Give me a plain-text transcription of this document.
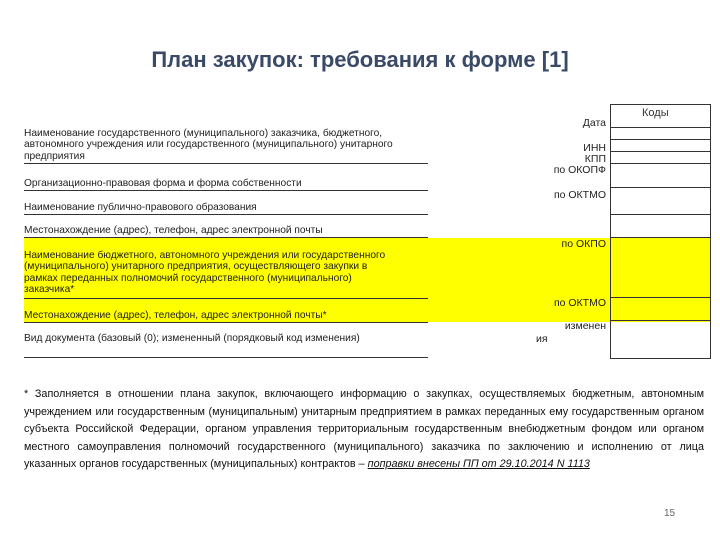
План закупок: требования к форме [1]
Наименование государственного (муниципального) заказчика, бюджетного, автономного учреждения или государственного (муниципального) унитарного предприятия
Организационно-правовая форма и форма собственности
Наименование публично-правового образования
Местонахождение (адрес), телефон, адрес электронной почты
Наименование бюджетного, автономного учреждения или государственного (муниципального) унитарного предприятия, осуществляющего закупки в рамках переданных полномочий государственного (муниципального) заказчика*
Местонахождение (адрес), телефон, адрес электронной почты*
Вид документа (базовый (0); измененный (порядковый код изменения)
Дата
ИНН
КПП
по ОКОПФ
по ОКТМО
по ОКПО
по ОКТМО
изменен
ия
Коды
* Заполняется в отношении плана закупок, включающего информацию о закупках, осуществляемых бюджетным, автономным учреждением или государственным (муниципальным) унитарным предприятием в рамках переданных ему государственным органом субъекта Российской Федерации, органом управления территориальным государственным внебюджетным фондом или органом местного самоуправления полномочий государственного (муниципального) заказчика по заключению и исполнению от лица указанных органов государственных (муниципальных) контрактов – поправки внесены ПП от 29.10.2014 N 1113
15
